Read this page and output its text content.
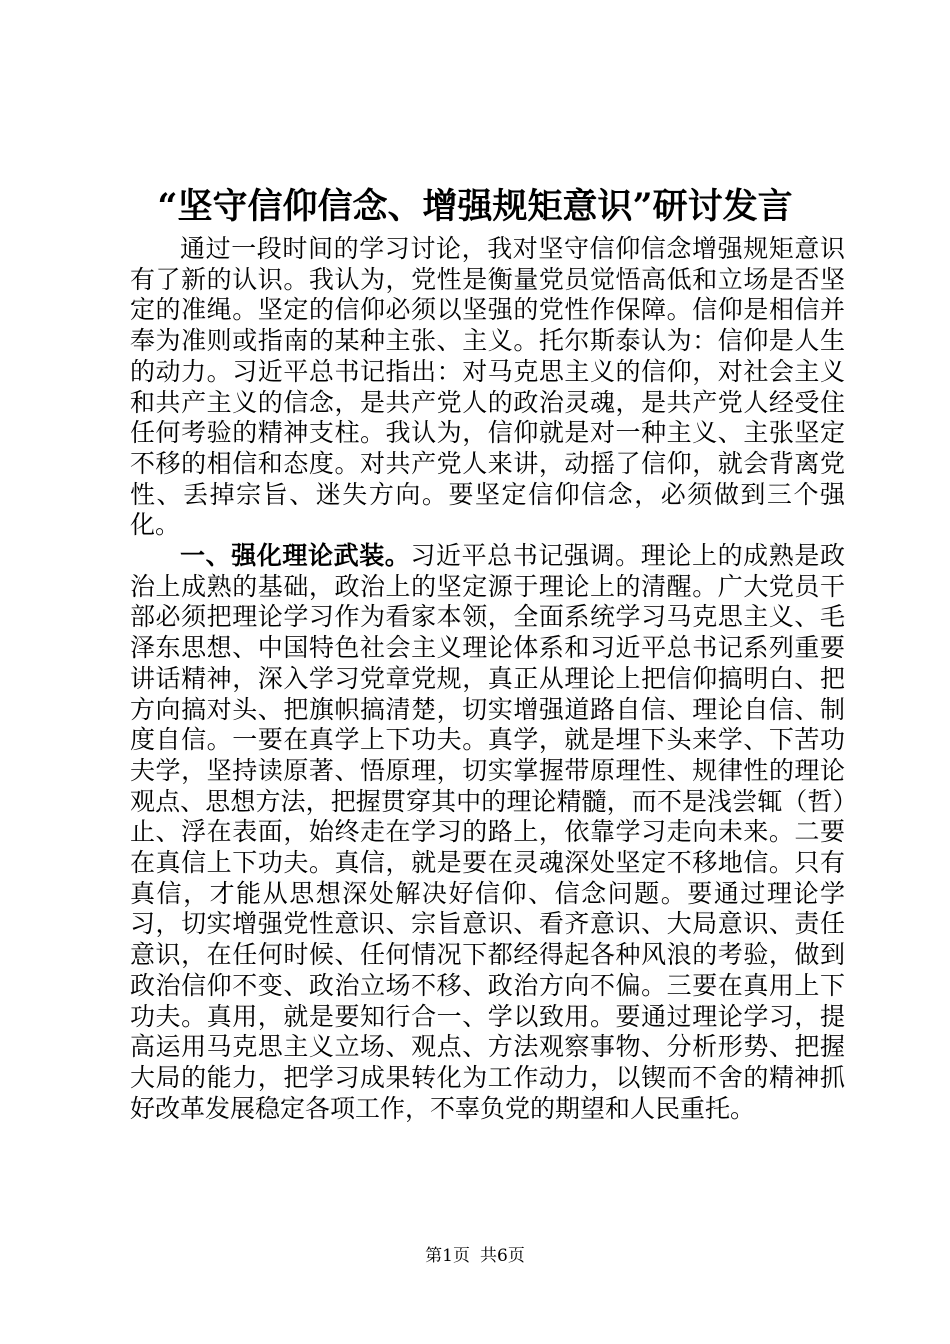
“坚守信仰信念、增强规矩意识”研讨发言

通过一段时间的学习讨论，我对坚守信仰信念增强规矩意识有了新的认识。我认为，党性是衡量党员觉悟高低和立场是否坚定的准绳。坚定的信仰必须以坚强的党性作保障。信仰是相信并奉为准则或指南的某种主张、主义。托尔斯泰认为：信仰是人生的动力。习近平总书记指出：对马克思主义的信仰，对社会主义和共产主义的信念，是共产党人的政治灵魂，是共产党人经受住任何考验的精神支柱。我认为，信仰就是对一种主义、主张坚定不移的相信和态度。对共产党人来讲，动摇了信仰，就会背离党性、丢掉宗旨、迷失方向。要坚定信仰信念，必须做到三个强化。

一、强化理论武装。习近平总书记强调。理论上的成熟是政治上成熟的基础，政治上的坚定源于理论上的清醒。广大党员干部必须把理论学习作为看家本领，全面系统学习马克思主义、毛泽东思想、中国特色社会主义理论体系和习近平总书记系列重要讲话精神，深入学习党章党规，真正从理论上把信仰搞明白、把方向搞对头、把旗帜搞清楚，切实增强道路自信、理论自信、制度自信。一要在真学上下功夫。真学，就是埋下头来学、下苦功夫学，坚持读原著、悟原理，切实掌握带原理性、规律性的理论观点、思想方法，把握贯穿其中的理论精髓，而不是浅尝辄（哲）止、浮在表面，始终走在学习的路上，依靠学习走向未来。二要在真信上下功夫。真信，就是要在灵魂深处坚定不移地信。只有真信，才能从思想深处解决好信仰、信念问题。要通过理论学习，切实增强党性意识、宗旨意识、看齐意识、大局意识、责任意识，在任何时候、任何情况下都经得起各种风浪的考验，做到政治信仰不变、政治立场不移、政治方向不偏。三要在真用上下功夫。真用，就是要知行合一、学以致用。要通过理论学习，提高运用马克思主义立场、观点、方法观察事物、分析形势、把握大局的能力，把学习成果转化为工作动力，以锲而不舍的精神抓好改革发展稳定各项工作，不辜负党的期望和人民重托。

第1页 共6页
